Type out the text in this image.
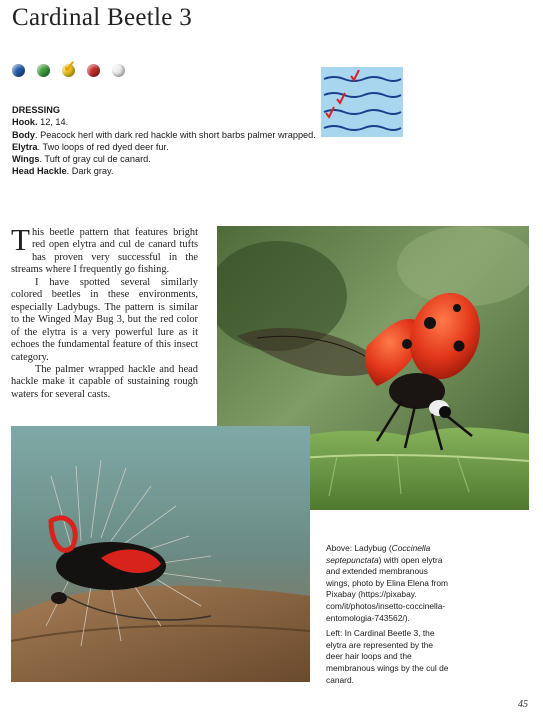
Cardinal Beetle 3
✓
DRESSING
Hook. 12, 14.
Body. Peacock herl with dark red hackle with short barbs palmer wrapped.
Elytra. Two loops of red dyed deer fur.
Wings. Tuft of gray cul de canard.
Head Hackle. Dark gray.

This beetle pattern that features bright red open elytra and cul de canard tufts has proven very successful in the streams where I frequently go fishing.

I have spotted several similarly colored beetles in these environments, especially Ladybugs. The pattern is similar to the Winged May Bug 3, but the red color of the elytra is a very powerful lure as it echoes the fundamental feature of this insect category.

The palmer wrapped hackle and head hackle make it capable of sustaining rough waters for several casts.

Above: Ladybug (Coccinella septepunctata) with open elytra and extended membranous wings, photo by Elina Elena from Pixabay (https://pixabay. com/it/photos/insetto-coccinella-entomologia-743562/).

Left: In Cardinal Beetle 3, the elytra are represented by the deer hair loops and the membranous wings by the cul de canard.

45
